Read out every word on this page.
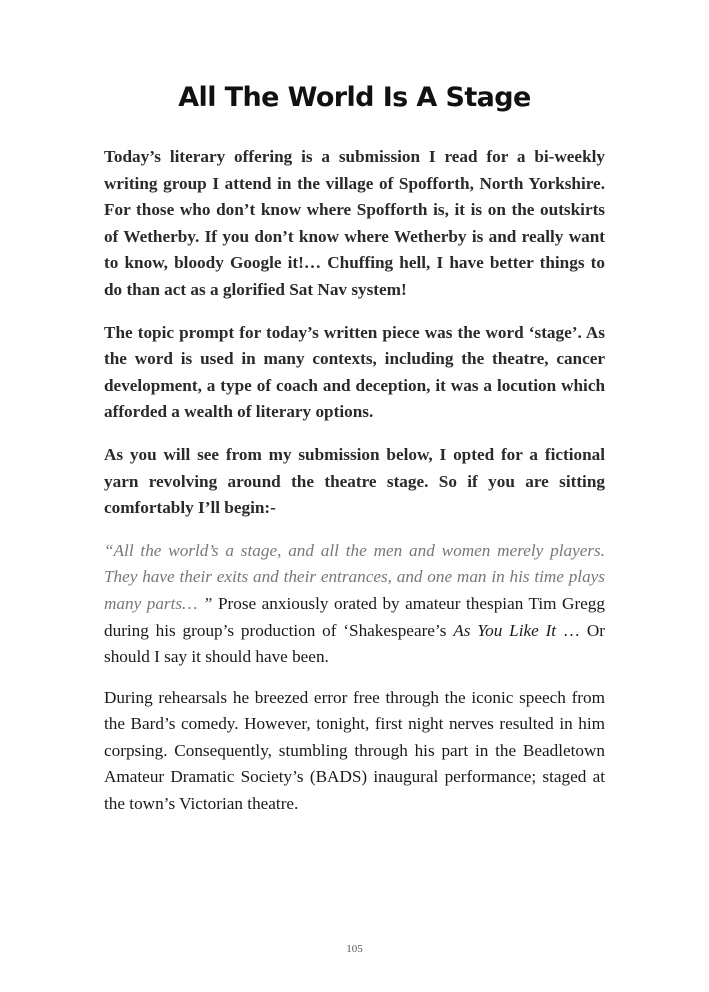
All The World Is A Stage

Today’s literary offering is a submission I read for a bi-weekly writing group I attend in the village of Spofforth, North Yorkshire. For those who don’t know where Spofforth is, it is on the outskirts of Wetherby. If you don’t know where Wetherby is and really want to know, bloody Google it!… Chuffing hell, I have better things to do than act as a glorified Sat Nav system!

The topic prompt for today’s written piece was the word ‘stage’. As the word is used in many contexts, including the theatre, cancer development, a type of coach and deception, it was a locution which afforded a wealth of literary options.

As you will see from my submission below, I opted for a fictional yarn revolving around the theatre stage. So if you are sitting comfortably I’ll begin:-

“All the world’s a stage, and all the men and women merely players. They have their exits and their entrances, and one man in his time plays many parts… ” Prose anxiously orated by amateur thespian Tim Gregg during his group’s production of ‘Shakespeare’s As You Like It … Or should I say it should have been.

During rehearsals he breezed error free through the iconic speech from the Bard’s comedy. However, tonight, first night nerves resulted in him corpsing. Consequently, stumbling through his part in the Beadletown Amateur Dramatic Society’s (BADS) inaugural performance; staged at the town’s Victorian theatre.

105
